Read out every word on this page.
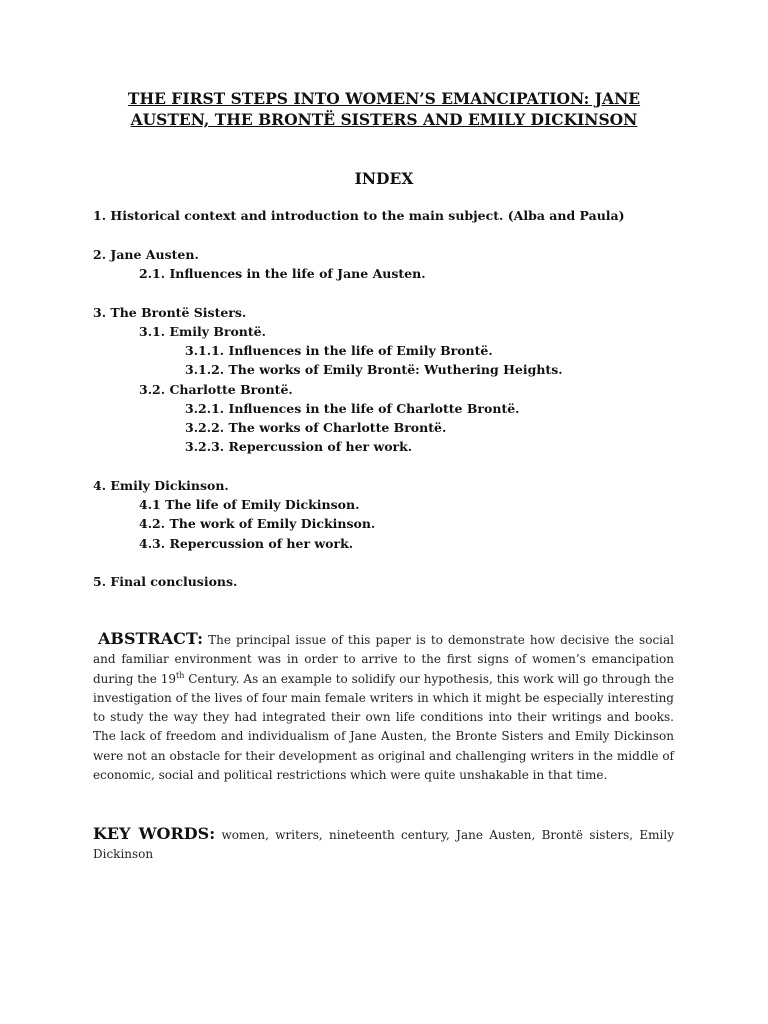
THE FIRST STEPS INTO WOMEN’S EMANCIPATION: JANE
AUSTEN, THE BRONTË SISTERS AND EMILY DICKINSON
INDEX
1. Historical context and introduction to the main subject. (Alba and Paula)
2. Jane Austen.
2.1. Influences in the life of Jane Austen.
3. The Brontë Sisters.
3.1. Emily Brontë.
3.1.1. Influences in the life of Emily Brontë.
3.1.2. The works of Emily Brontë: Wuthering Heights.
3.2. Charlotte Brontë.
3.2.1. Influences in the life of Charlotte Brontë.
3.2.2. The works of Charlotte Brontë.
3.2.3. Repercussion of her work.
4. Emily Dickinson.
4.1 The life of Emily Dickinson.
4.2. The work of Emily Dickinson.
4.3. Repercussion of her work.
5. Final conclusions.
ABSTRACT: The principal issue of this paper is to demonstrate how decisive the social and familiar environment was in order to arrive to the first signs of women’s emancipation during the 19th Century. As an example to solidify our hypothesis, this work will go through the investigation of the lives of four main female writers in which it might be especially interesting to study the way they had integrated their own life conditions into their writings and books. The lack of freedom and individualism of Jane Austen, the Bronte Sisters and Emily Dickinson were not an obstacle for their development as original and challenging writers in the middle of economic, social and political restrictions which were quite unshakable in that time.
KEY WORDS: women, writers, nineteenth century, Jane Austen, Brontë sisters, Emily Dickinson
